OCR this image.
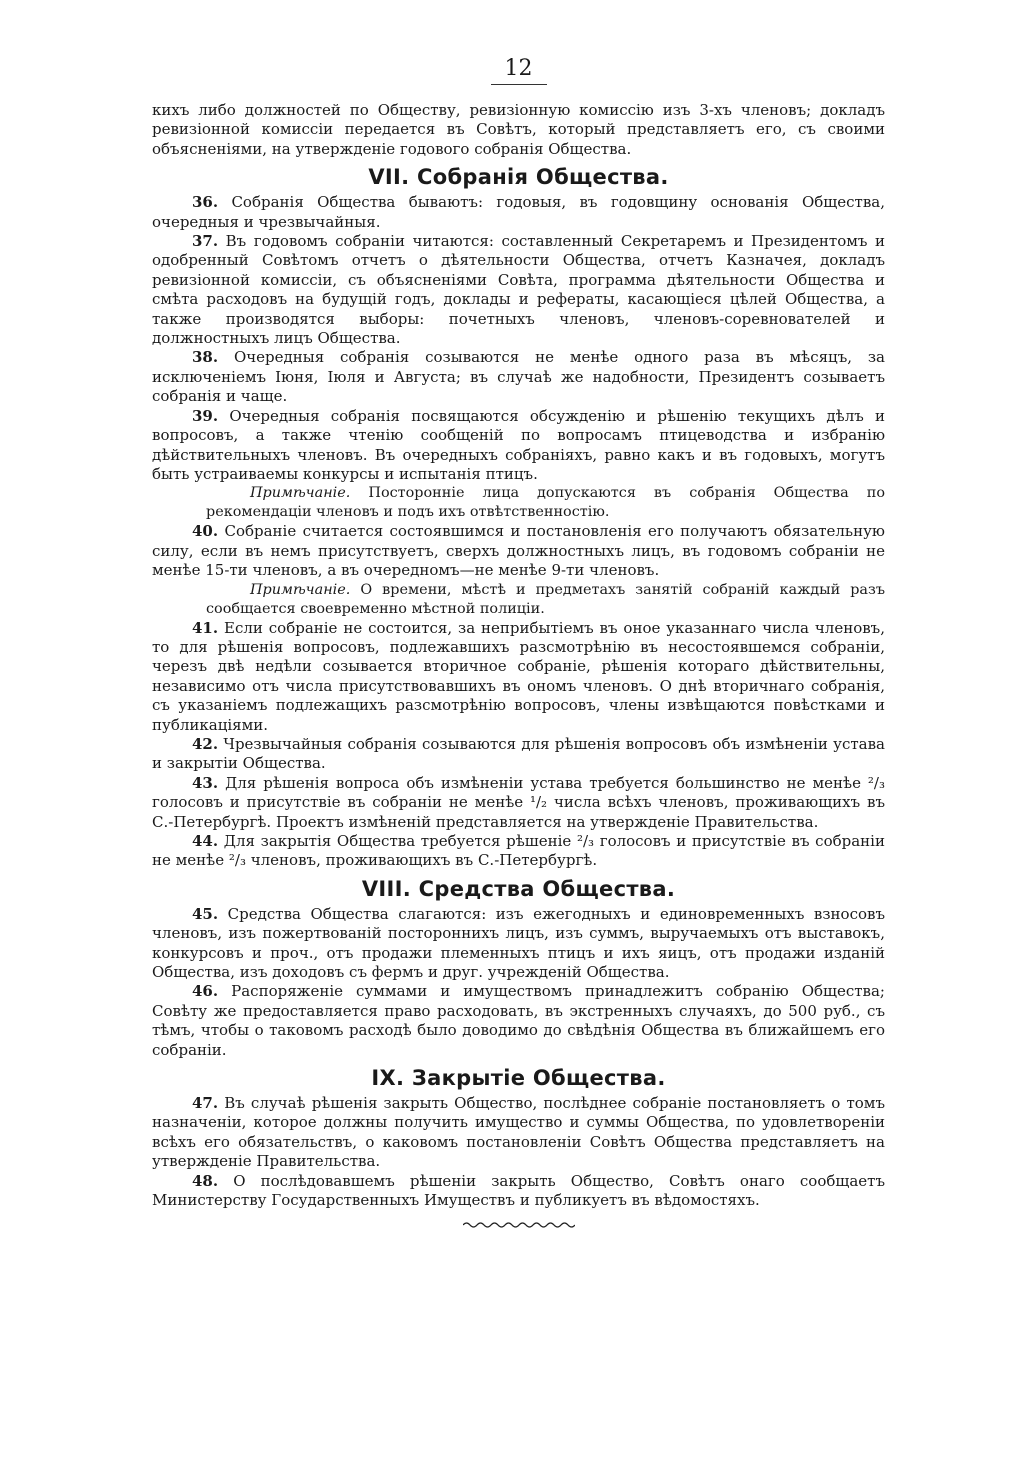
12

кихъ либо должностей по Обществу, ревизіонную комиссію изъ 3-хъ членовъ; докладъ ревизіонной комиссіи передается въ Совѣтъ, который представляетъ его, съ своими объясненіями, на утвержденіе годового собранія Общества.

VII. Собранія Общества.

36. Собранія Общества бываютъ: годовыя, въ годовщину основанія Общества, очередныя и чрезвычайныя.

37. Въ годовомъ собраніи читаются: составленный Секретаремъ и Президентомъ и одобренный Совѣтомъ отчетъ о дѣятельности Общества, отчетъ Казначея, докладъ ревизіонной комиссіи, съ объясненіями Совѣта, программа дѣятельности Общества и смѣта расходовъ на будущій годъ, доклады и рефераты, касающіеся цѣлей Общества, а также производятся выборы: почетныхъ членовъ, членовъ-соревнователей и должностныхъ лицъ Общества.

38. Очередныя собранія созываются не менѣе одного раза въ мѣсяцъ, за исключеніемъ Іюня, Іюля и Августа; въ случаѣ же надобности, Президентъ созываетъ собранія и чаще.

39. Очередныя собранія посвящаются обсужденію и рѣшенію текущихъ дѣлъ и вопросовъ, а также чтенію сообщеній по вопросамъ птицеводства и избранію дѣйствительныхъ членовъ. Въ очередныхъ собраніяхъ, равно какъ и въ годовыхъ, могутъ быть устраиваемы конкурсы и испытанія птицъ.

Примѣчаніе. Посторонніе лица допускаются въ собранія Общества по рекомендаціи членовъ и подъ ихъ отвѣтственностію.

40. Собраніе считается состоявшимся и постановленія его получаютъ обязательную силу, если въ немъ присутствуетъ, сверхъ должностныхъ лицъ, въ годовомъ собраніи не менѣе 15-ти членовъ, а въ очередномъ—не менѣе 9-ти членовъ.

Примѣчаніе. О времени, мѣстѣ и предметахъ занятій собраній каждый разъ сообщается своевременно мѣстной полиціи.

41. Если собраніе не состоится, за неприбытіемъ въ оное указаннаго числа членовъ, то для рѣшенія вопросовъ, подлежавшихъ разсмотрѣнію въ несостоявшемся собраніи, черезъ двѣ недѣли созывается вторичное собраніе, рѣшенія котораго дѣйствительны, независимо отъ числа присутствовавшихъ въ ономъ членовъ. О днѣ вторичнаго собранія, съ указаніемъ подлежащихъ разсмотрѣнію вопросовъ, члены извѣщаются повѣстками и публикаціями.

42. Чрезвычайныя собранія созываются для рѣшенія вопросовъ объ измѣненіи устава и закрытіи Общества.

43. Для рѣшенія вопроса объ измѣненіи устава требуется большинство не менѣе ²/₃ голосовъ и присутствіе въ собраніи не менѣе ¹/₂ числа всѣхъ членовъ, проживающихъ въ С.-Петербургѣ. Проектъ измѣненій представляется на утвержденіе Правительства.

44. Для закрытія Общества требуется рѣшеніе ²/₃ голосовъ и присутствіе въ собраніи не менѣе ²/₃ членовъ, проживающихъ въ С.-Петербургѣ.

VIII. Средства Общества.

45. Средства Общества слагаются: изъ ежегодныхъ и единовременныхъ взносовъ членовъ, изъ пожертвованій постороннихъ лицъ, изъ суммъ, выручаемыхъ отъ выставокъ, конкурсовъ и проч., отъ продажи племенныхъ птицъ и ихъ яицъ, отъ продажи изданій Общества, изъ доходовъ съ фермъ и друг. учрежденій Общества.

46. Распоряженіе суммами и имуществомъ принадлежитъ собранію Общества; Совѣту же предоставляется право расходовать, въ экстренныхъ случаяхъ, до 500 руб., съ тѣмъ, чтобы о таковомъ расходѣ было доводимо до свѣдѣнія Общества въ ближайшемъ его собраніи.

IX. Закрытіе Общества.

47. Въ случаѣ рѣшенія закрыть Общество, послѣднее собраніе постановляетъ о томъ назначеніи, которое должны получить имущество и суммы Общества, по удовлетвореніи всѣхъ его обязательствъ, о каковомъ постановленіи Совѣтъ Общества представляетъ на утвержденіе Правительства.

48. О послѣдовавшемъ рѣшеніи закрыть Общество, Совѣтъ онаго сообщаетъ Министерству Государственныхъ Имуществъ и публикуетъ въ вѣдомостяхъ.
